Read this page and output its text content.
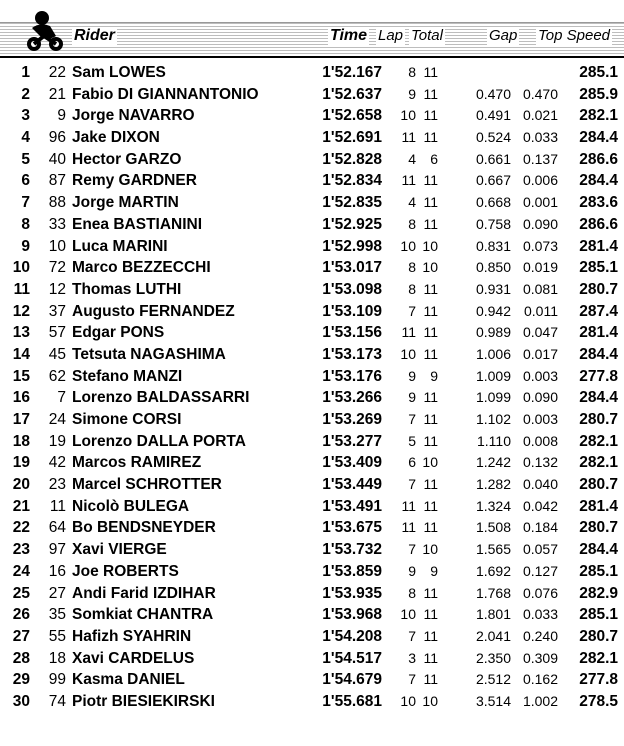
Rider	Time Lap Total	Gap Top Speed
1	22 Sam LOWES	1'52.167 8 11	285.1
2	21 Fabio DI GIANNANTONIO	1'52.637 9 11	0.470 0.470 285.9
3	9 Jorge NAVARRO	1'52.658 10 11	0.491 0.021 282.1
4	96 Jake DIXON	1'52.691 11 11	0.524 0.033 284.4
5	40 Hector GARZO	1'52.828 4 6	0.661 0.137 286.6
6	87 Remy GARDNER	1'52.834 11 11	0.667 0.006 284.4
7	88 Jorge MARTIN	1'52.835 4 11	0.668 0.001 283.6
8	33 Enea BASTIANINI	1'52.925 8 11	0.758 0.090 286.6
9	10 Luca MARINI	1'52.998 10 10	0.831 0.073 281.4
10	72 Marco BEZZECCHI	1'53.017 8 10	0.850 0.019 285.1
11	12 Thomas LUTHI	1'53.098 8 11	0.931 0.081 280.7
12	37 Augusto FERNANDEZ	1'53.109 7 11	0.942 0.011 287.4
13	57 Edgar PONS	1'53.156 11 11	0.989 0.047 281.4
14	45 Tetsuta NAGASHIMA	1'53.173 10 11	1.006 0.017 284.4
15	62 Stefano MANZI	1'53.176 9 9	1.009 0.003 277.8
16	7 Lorenzo BALDASSARRI	1'53.266 9 11	1.099 0.090 284.4
17	24 Simone CORSI	1'53.269 7 11	1.102 0.003 280.7
18	19 Lorenzo DALLA PORTA	1'53.277 5 11	1.110 0.008 282.1
19	42 Marcos RAMIREZ	1'53.409 6 10	1.242 0.132 282.1
20	23 Marcel SCHROTTER	1'53.449 7 11	1.282 0.040 280.7
21	11 Nicolò BULEGA	1'53.491 11 11	1.324 0.042 281.4
22	64 Bo BENDSNEYDER	1'53.675 11 11	1.508 0.184 280.7
23	97 Xavi VIERGE	1'53.732 7 10	1.565 0.057 284.4
24	16 Joe ROBERTS	1'53.859 9 9	1.692 0.127 285.1
25	27 Andi Farid IZDIHAR	1'53.935 8 11	1.768 0.076 282.9
26	35 Somkiat CHANTRA	1'53.968 10 11	1.801 0.033 285.1
27	55 Hafizh SYAHRIN	1'54.208 7 11	2.041 0.240 280.7
28	18 Xavi CARDELUS	1'54.517 3 11	2.350 0.309 282.1
29	99 Kasma DANIEL	1'54.679 7 11	2.512 0.162 277.8
30	74 Piotr BIESIEKIRSKI	1'55.681 10 10	3.514 1.002 278.5
